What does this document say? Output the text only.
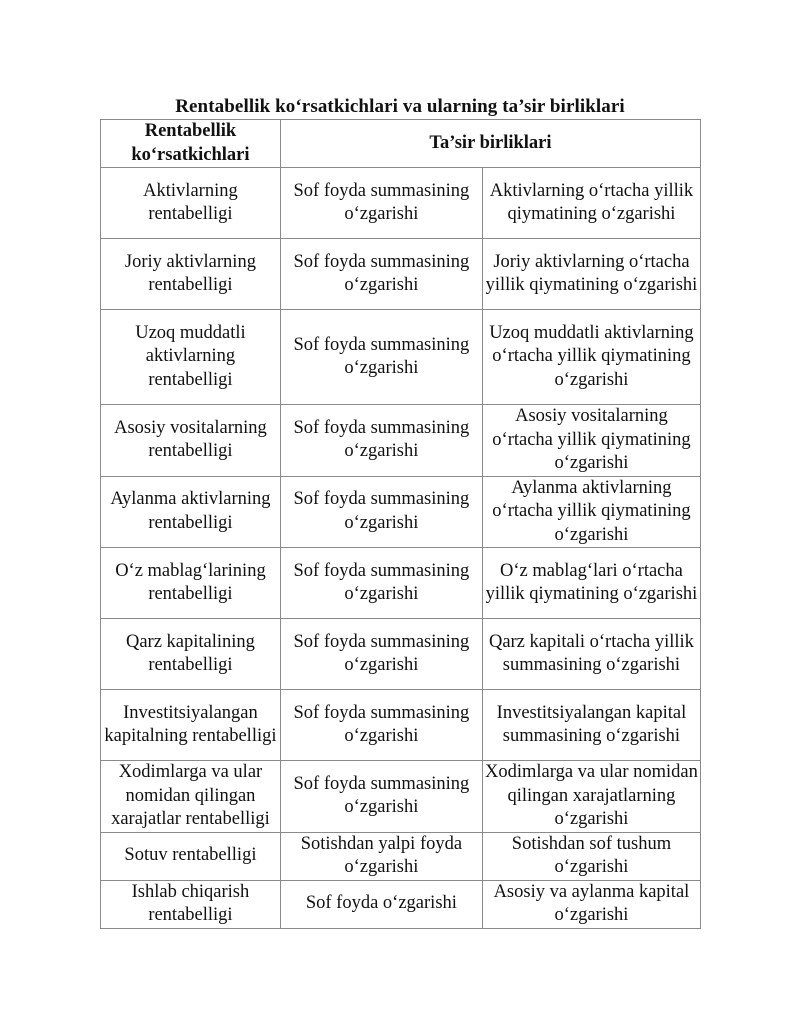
Rentabellik ko‘rsatkichlari va ularning ta’sir birliklari
Rentabellik ko‘rsatkichlari	Ta’sir birliklari	
Aktivlarning rentabelligi	Sof foyda summasining o‘zgarishi	Aktivlarning o‘rtacha yillik qiymatining o‘zgarishi
Joriy aktivlarning rentabelligi	Sof foyda summasining o‘zgarishi	Joriy aktivlarning o‘rtacha yillik qiymatining o‘zgarishi
Uzoq muddatli aktivlarning rentabelligi	Sof foyda summasining o‘zgarishi	Uzoq muddatli aktivlarning o‘rtacha yillik qiymatining o‘zgarishi
Asosiy vositalarning rentabelligi	Sof foyda summasining o‘zgarishi	Asosiy vositalarning o‘rtacha yillik qiymatining o‘zgarishi
Aylanma aktivlarning rentabelligi	Sof foyda summasining o‘zgarishi	Aylanma aktivlarning o‘rtacha yillik qiymatining o‘zgarishi
O‘z mablag‘larining rentabelligi	Sof foyda summasining o‘zgarishi	O‘z mablag‘lari o‘rtacha yillik qiymatining o‘zgarishi
Qarz kapitalining rentabelligi	Sof foyda summasining o‘zgarishi	Qarz kapitali o‘rtacha yillik summasining o‘zgarishi
Investitsiyalangan kapitalning rentabelligi	Sof foyda summasining o‘zgarishi	Investitsiyalangan kapital summasining o‘zgarishi
Xodimlarga va ular nomidan qilingan xarajatlar rentabelligi	Sof foyda summasining o‘zgarishi	Xodimlarga va ular nomidan qilingan xarajatlarning o‘zgarishi
Sotuv rentabelligi	Sotishdan yalpi foyda o‘zgarishi	Sotishdan sof tushum o‘zgarishi
Ishlab chiqarish rentabelligi	Sof foyda o‘zgarishi	Asosiy va aylanma kapital o‘zgarishi
